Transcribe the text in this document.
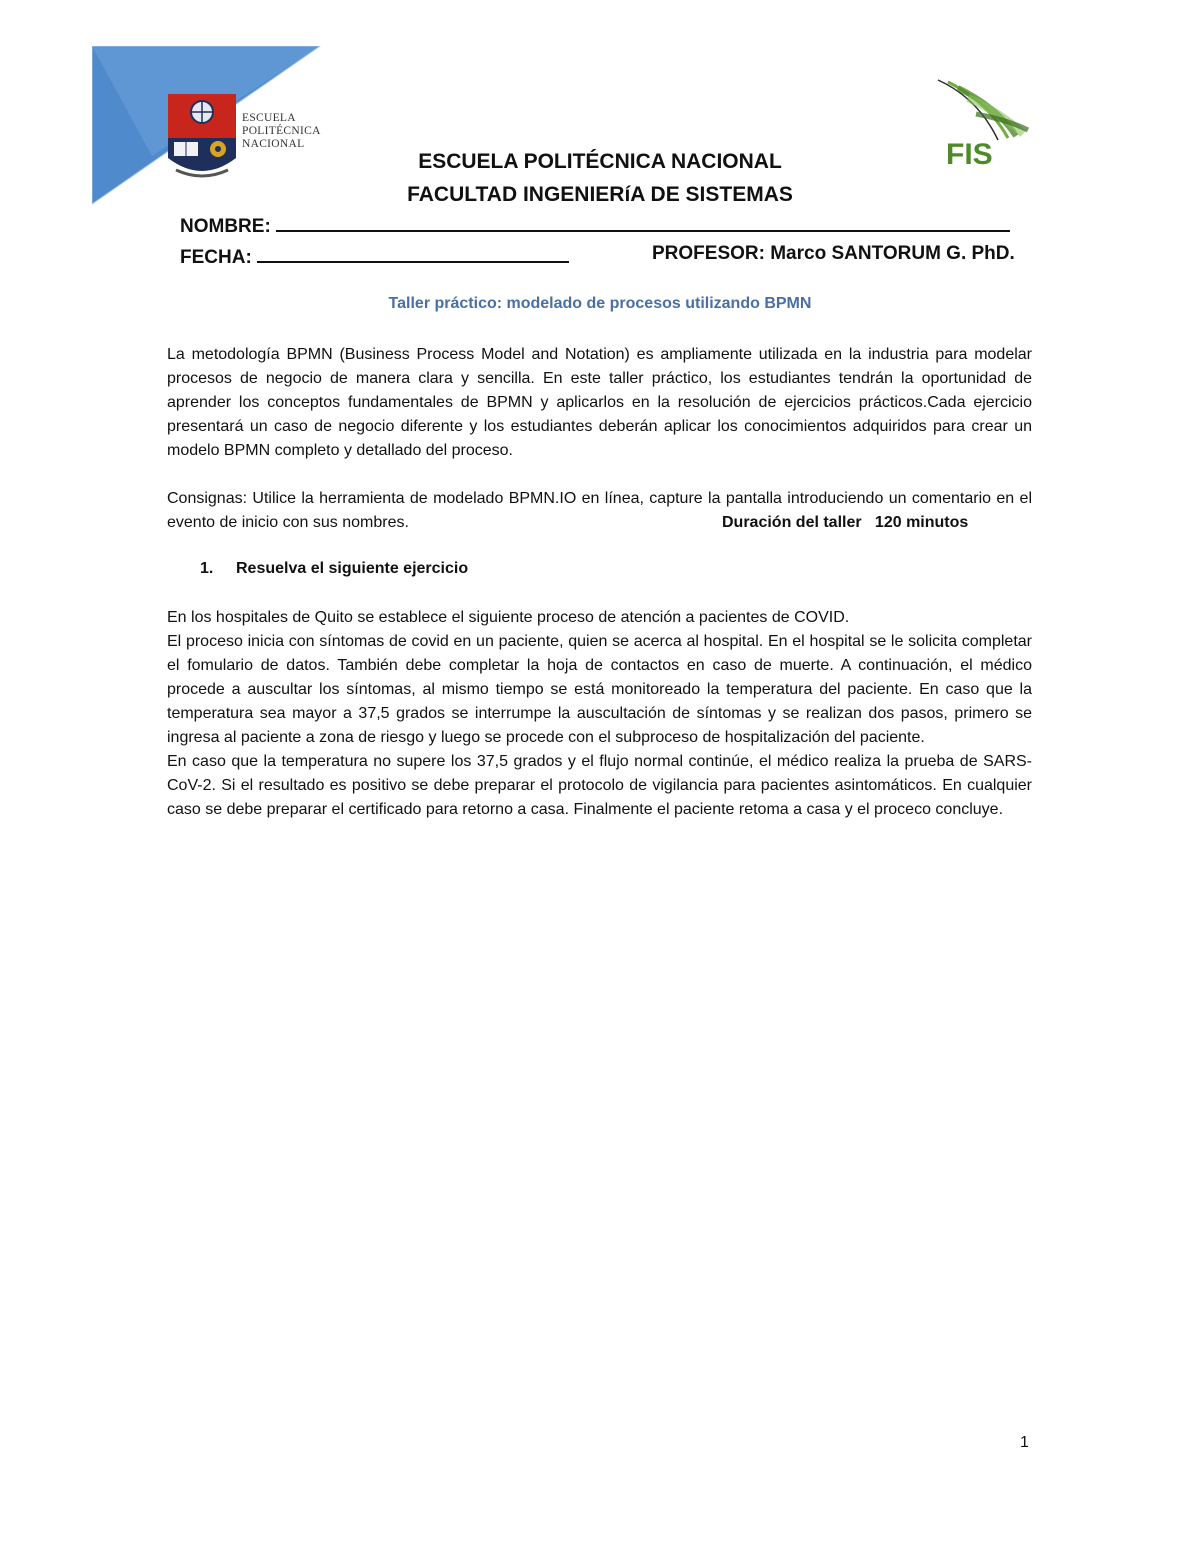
ESCUELA
POLITÉCNICA
NACIONAL	FIS
ESCUELA POLITÉCNICA NACIONAL
FACULTAD INGENIERíA DE SISTEMAS
NOMBRE:
FECHA:	PROFESOR: Marco SANTORUM G. PhD.
Taller práctico: modelado de procesos utilizando BPMN

La metodología BPMN (Business Process Model and Notation) es ampliamente utilizada en la industria para modelar procesos de negocio de manera clara y sencilla. En este taller práctico, los estudiantes tendrán la oportunidad de aprender los conceptos fundamentales de BPMN y aplicarlos en la resolución de ejercicios prácticos.Cada ejercicio presentará un caso de negocio diferente y los estudiantes deberán aplicar los conocimientos adquiridos para crear un modelo BPMN completo y detallado del proceso.

Consignas: Utilice la herramienta de modelado BPMN.IO en línea, capture la pantalla introduciendo un comentario en el evento de inicio con sus nombres.	Duración del taller   120 minutos
1. Resuelva el siguiente ejercicio

En los hospitales de Quito se establece el siguiente proceso de atención a pacientes de COVID.

El proceso inicia con síntomas de covid en un paciente, quien se acerca al hospital. En el hospital se le solicita completar el fomulario de datos. También debe completar la hoja de contactos en caso de muerte. A continuación, el médico procede a auscultar los síntomas, al mismo tiempo se está monitoreado la temperatura del paciente. En caso que la temperatura sea mayor a 37,5 grados se interrumpe la auscultación de síntomas y se realizan dos pasos, primero se ingresa al paciente a zona de riesgo y luego se procede con el subproceso de hospitalización del paciente.

En caso que la temperatura no supere los 37,5 grados y el flujo normal continúe, el médico realiza la prueba de SARS-CoV-2. Si el resultado es positivo se debe preparar el protocolo de vigilancia para pacientes asintomáticos. En cualquier caso se debe preparar el certificado para retorno a casa. Finalmente el paciente retoma a casa y el proceco concluye.

1
